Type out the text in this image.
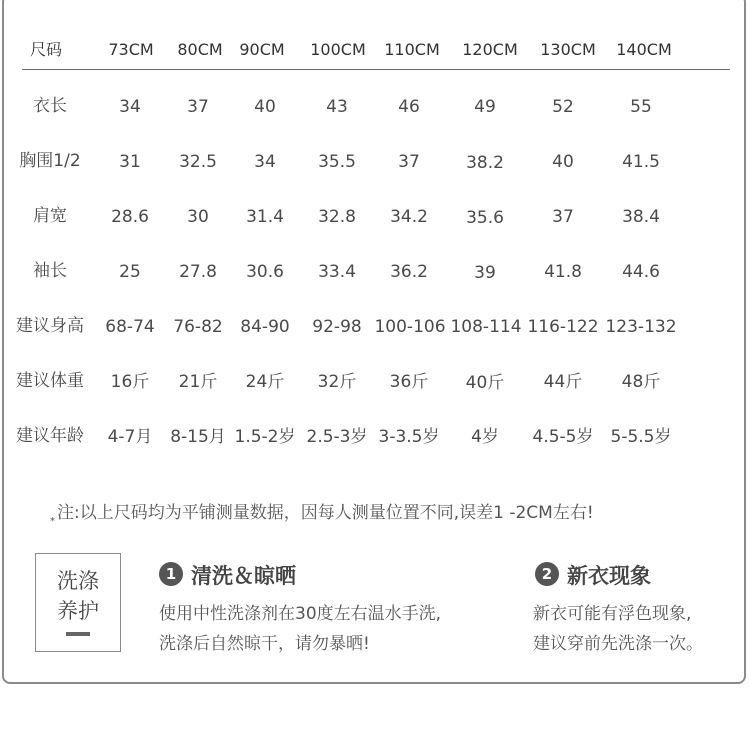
尺码	73CM	80CM	90CM	100CM	110CM	120CM	130CM	140CM
衣长	34	37	40	43	46	49	52	55
胸围1/2	31	32.5	34	35.5	37	38.2	40	41.5
肩宽	28.6	30	31.4	32.8	34.2	35.6	37	38.4
袖长	25	27.8	30.6	33.4	36.2	39	41.8	44.6
建议身高	68-74	76-82	84-90	92-98 100-106 108-114 116-122 123-132
建议体重	16斤	21斤	24斤	32斤	36斤	40斤	44斤	48斤
建议年龄	4-7月	8-15月 1.5-2岁 2.5-3岁 3-3.5岁	4岁	4.5-5岁	5-5.5岁
$_*$ 注:以上尺码均为平铺测量数据，因每人测量位置不同,误差1 -2CM左右!
洗涤
养护
1 清洗＆晾晒
使用中性洗涤剂在30度左右温水手洗,
洗涤后自然晾干，请勿暴晒!
2 新衣现象
新衣可能有浮色现象,
建议穿前先洗涤一次。
